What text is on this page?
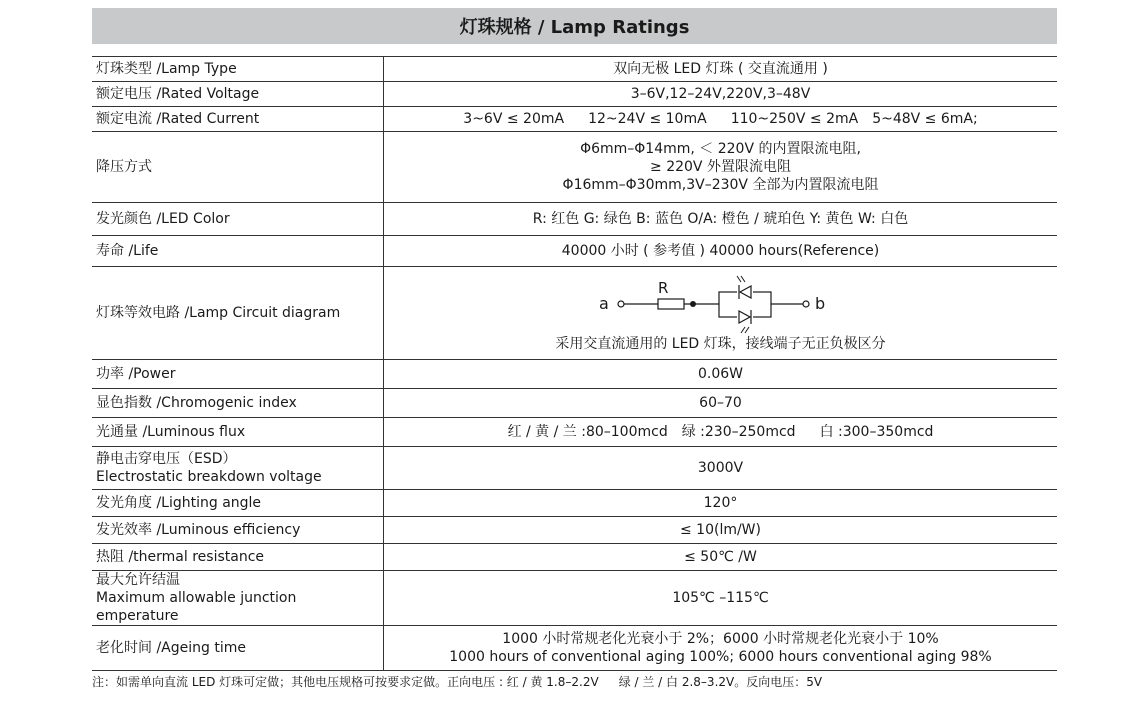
灯珠规格 / Lamp Ratings
灯珠类型 /Lamp Type	双向无极 LED 灯珠 ( 交直流通用 )
额定电压 /Rated Voltage	3–6V,12–24V,220V,3–48V
额定电流 /Rated Current	3~6V ≤ 20mA 12~24V ≤ 10mA 110~250V ≤ 2mA 5~48V ≤ 6mA;
降压方式	Φ6mm–Φ14mm, ＜ 220V 的内置限流电阻,
≥ 220V 外置限流电阻
Φ16mm–Φ30mm,3V–230V 全部为内置限流电阻

发光颜色 /LED Color	R: 红色 G: 绿色 B: 蓝色 O/A: 橙色 / 琥珀色 Y: 黄色 W: 白色
寿命 /Life	40000 小时 ( 参考值 ) 40000 hours(Reference)
灯珠等效电路 /Lamp Circuit diagram	a
R
b
采用交直流通用的 LED 灯珠，接线端子无正负极区分

功率 /Power	0.06W
显色指数 /Chromogenic index	60–70
光通量 /Luminous flux	红 / 黄 / 兰 :80–100mcd 绿 :230–250mcd 白 :300–350mcd

静电击穿电压（ESD）
Electrostatic breakdown voltage	3000V
发光角度 /Lighting angle	120°
发光效率 /Luminous efficiency	≤ 10(lm/W)
热阻 /thermal resistance	≤ 50℃ /W

最大允许结温
Maximum allowable junction emperature	105℃ –115℃
老化时间 /Ageing time	1000 小时常规老化光衰小于 2%；6000 小时常规老化光衰小于 10%
1000 hours of conventional aging 100%; 6000 hours conventional aging 98%
注：如需单向直流 LED 灯珠可定做；其他电压规格可按要求定做。正向电压 : 红 / 黄 1.8–2.2V 绿 / 兰 / 白 2.8–3.2V。反向电压：5V
